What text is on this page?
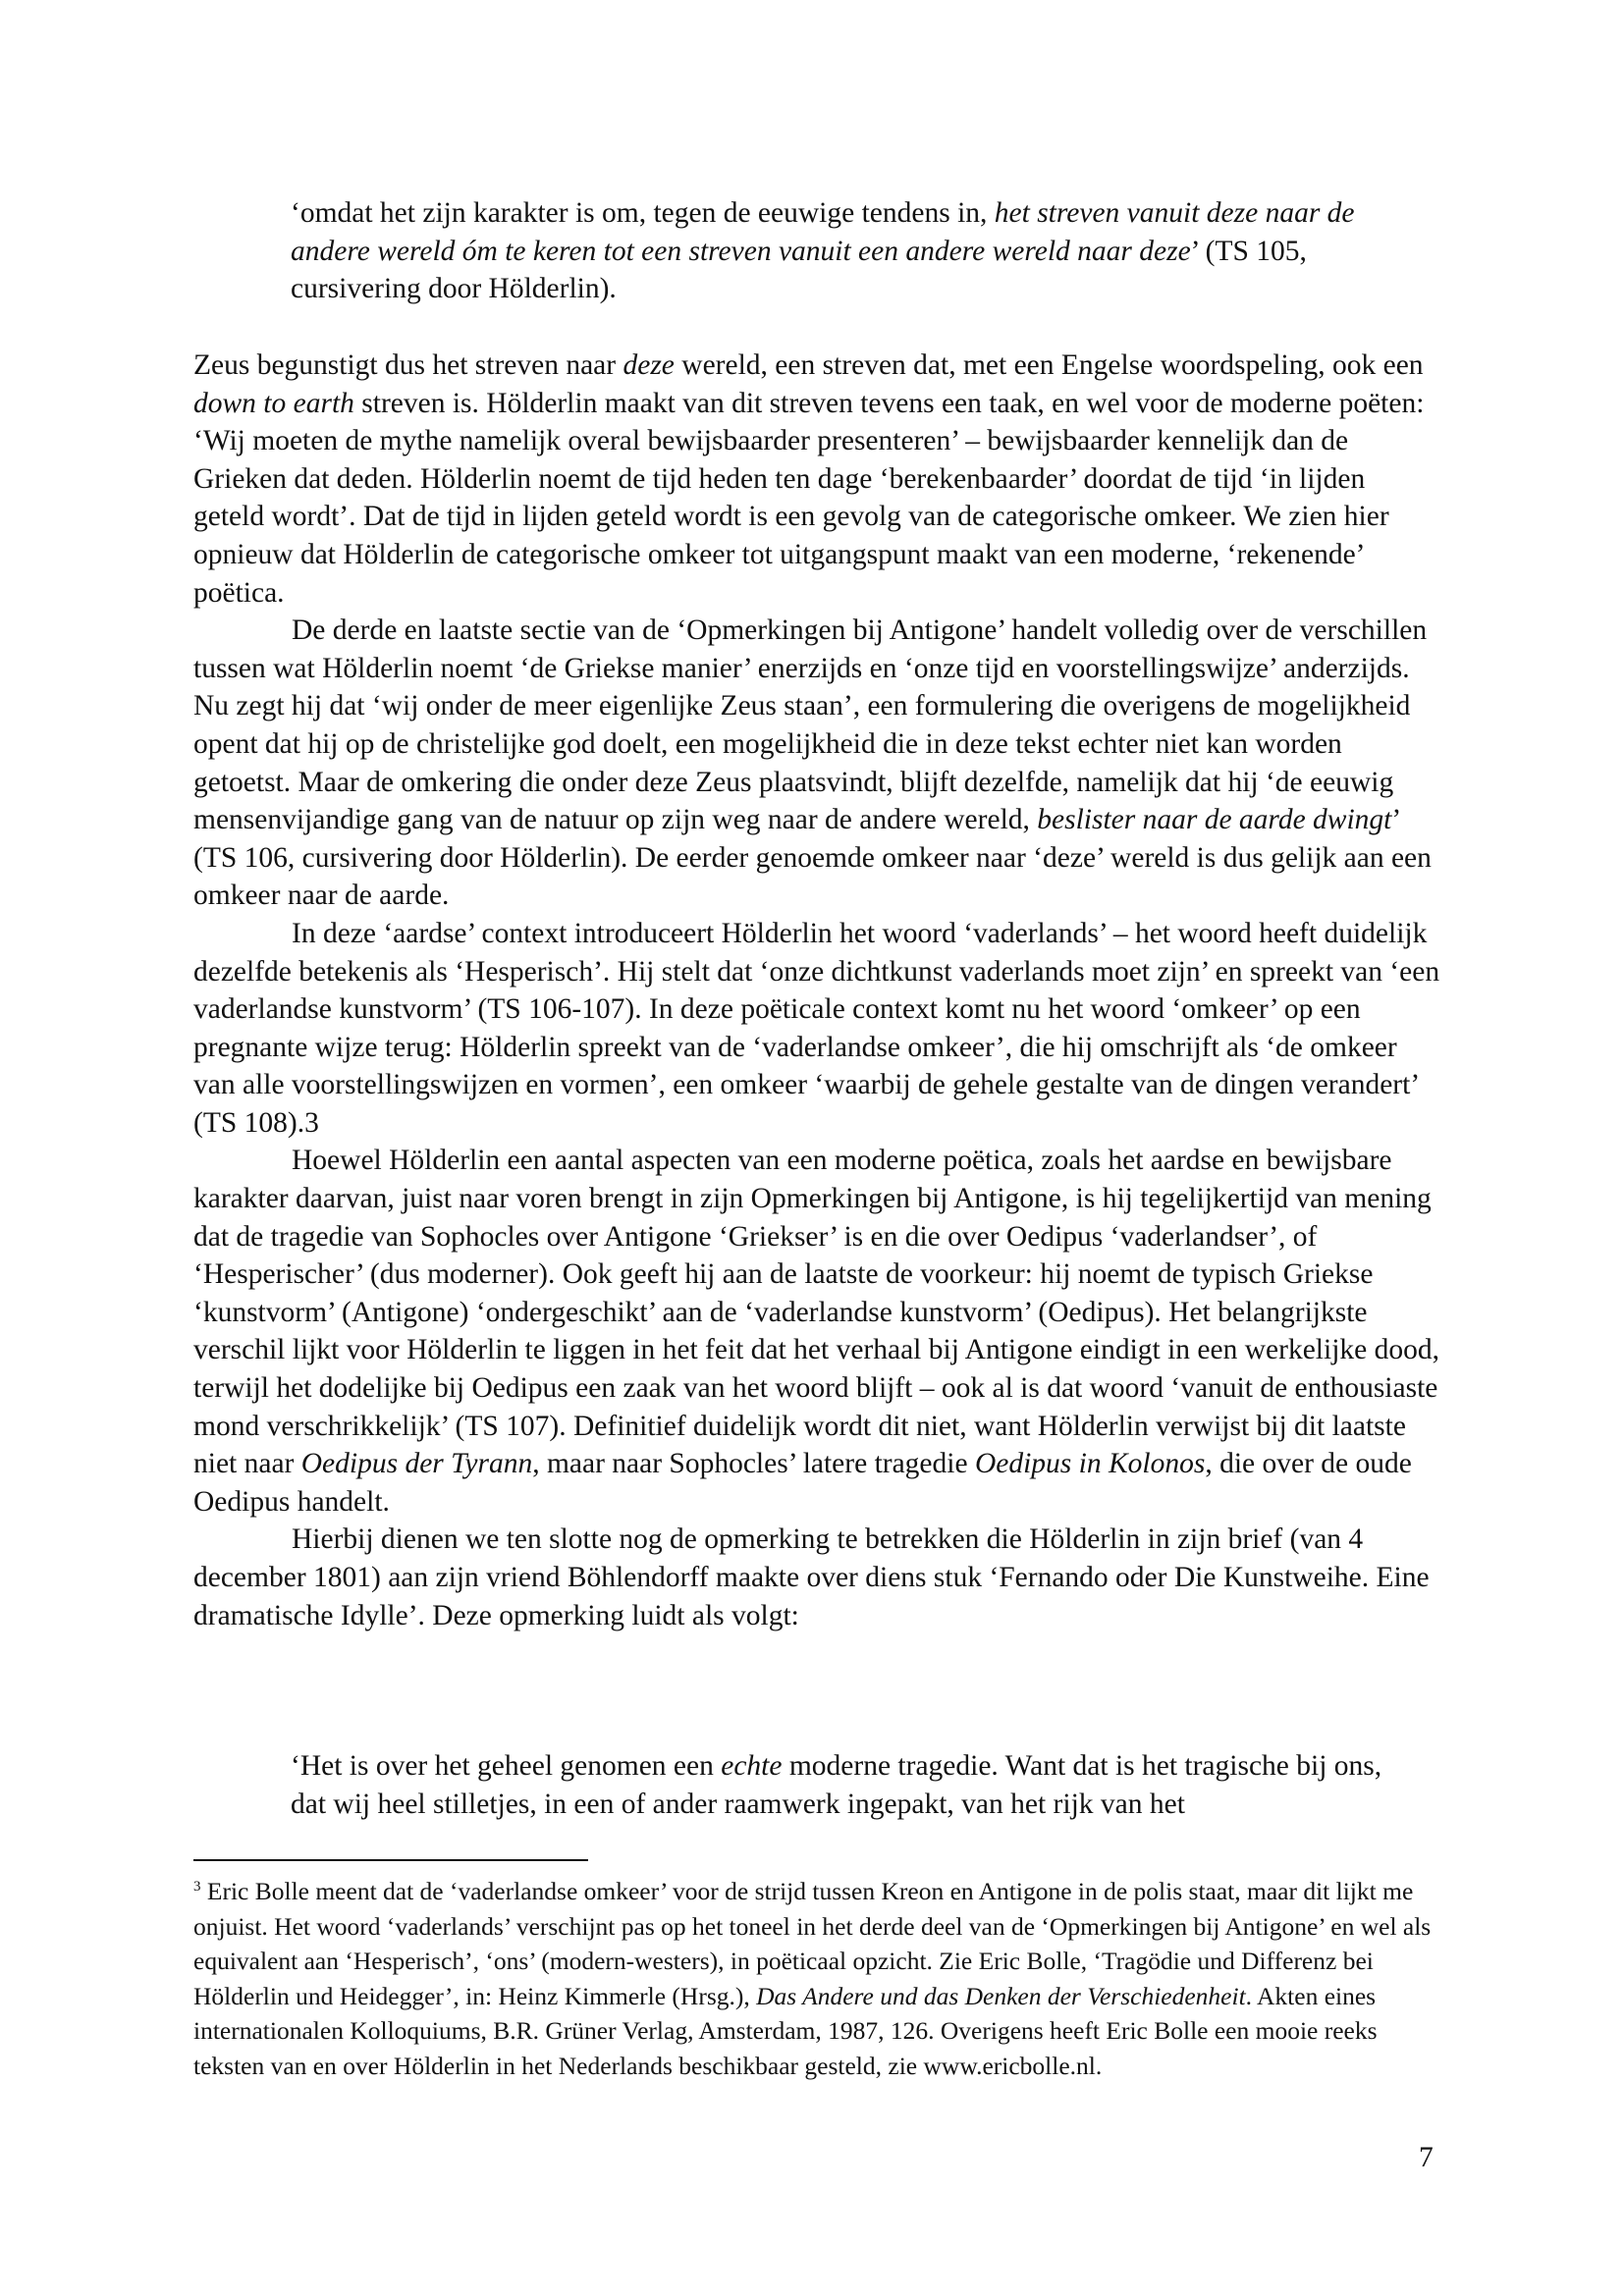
‘omdat het zijn karakter is om, tegen de eeuwige tendens in, het streven vanuit deze naar de andere wereld óm te keren tot een streven vanuit een andere wereld naar deze’ (TS 105, cursivering door Hölderlin).

Zeus begunstigt dus het streven naar deze wereld, een streven dat, met een Engelse woordspeling, ook een down to earth streven is. Hölderlin maakt van dit streven tevens een taak, en wel voor de moderne poëten: ‘Wij moeten de mythe namelijk overal bewijsbaarder presenteren’ – bewijsbaarder kennelijk dan de Grieken dat deden. Hölderlin noemt de tijd heden ten dage ‘berekenbaarder’ doordat de tijd ‘in lijden geteld wordt’. Dat de tijd in lijden geteld wordt is een gevolg van de categorische omkeer. We zien hier opnieuw dat Hölderlin de categorische omkeer tot uitgangspunt maakt van een moderne, ‘rekenende’ poëtica.

De derde en laatste sectie van de ‘Opmerkingen bij Antigone’ handelt volledig over de verschillen tussen wat Hölderlin noemt ‘de Griekse manier’ enerzijds en ‘onze tijd en voorstellingswijze’ anderzijds. Nu zegt hij dat ‘wij onder de meer eigenlijke Zeus staan’, een formulering die overigens de mogelijkheid opent dat hij op de christelijke god doelt, een mogelijkheid die in deze tekst echter niet kan worden getoetst. Maar de omkering die onder deze Zeus plaatsvindt, blijft dezelfde, namelijk dat hij ‘de eeuwig mensenvijandige gang van de natuur op zijn weg naar de andere wereld, beslister naar de aarde dwingt’ (TS 106, cursivering door Hölderlin). De eerder genoemde omkeer naar ‘deze’ wereld is dus gelijk aan een omkeer naar de aarde.

In deze ‘aardse’ context introduceert Hölderlin het woord ‘vaderlands’ – het woord heeft duidelijk dezelfde betekenis als ‘Hesperisch’. Hij stelt dat ‘onze dichtkunst vaderlands moet zijn’ en spreekt van ‘een vaderlandse kunstvorm’ (TS 106-107). In deze poëticale context komt nu het woord ‘omkeer’ op een pregnante wijze terug: Hölderlin spreekt van de ‘vaderlandse omkeer’, die hij omschrijft als ‘de omkeer van alle voorstellingswijzen en vormen’, een omkeer ‘waarbij de gehele gestalte van de dingen verandert’ (TS 108).3

Hoewel Hölderlin een aantal aspecten van een moderne poëtica, zoals het aardse en bewijsbare karakter daarvan, juist naar voren brengt in zijn Opmerkingen bij Antigone, is hij tegelijkertijd van mening dat de tragedie van Sophocles over Antigone ‘Griekser’ is en die over Oedipus ‘vaderlandser’, of ‘Hesperischer’ (dus moderner). Ook geeft hij aan de laatste de voorkeur: hij noemt de typisch Griekse ‘kunstvorm’ (Antigone) ‘ondergeschikt’ aan de ‘vaderlandse kunstvorm’ (Oedipus). Het belangrijkste verschil lijkt voor Hölderlin te liggen in het feit dat het verhaal bij Antigone eindigt in een werkelijke dood, terwijl het dodelijke bij Oedipus een zaak van het woord blijft – ook al is dat woord ‘vanuit de enthousiaste mond verschrikkelijk’ (TS 107). Definitief duidelijk wordt dit niet, want Hölderlin verwijst bij dit laatste niet naar Oedipus der Tyrann, maar naar Sophocles’ latere tragedie Oedipus in Kolonos, die over de oude Oedipus handelt.

Hierbij dienen we ten slotte nog de opmerking te betrekken die Hölderlin in zijn brief (van 4 december 1801) aan zijn vriend Böhlendorff maakte over diens stuk ‘Fernando oder Die Kunstweihe. Eine dramatische Idylle’. Deze opmerking luidt als volgt:

‘Het is over het geheel genomen een echte moderne tragedie. Want dat is het tragische bij ons, dat wij heel stilletjes, in een of ander raamwerk ingepakt, van het rijk van het

$^3$ Eric Bolle meent dat de ‘vaderlandse omkeer’ voor de strijd tussen Kreon en Antigone in de polis staat, maar dit lijkt me onjuist. Het woord ‘vaderlands’ verschijnt pas op het toneel in het derde deel van de ‘Opmerkingen bij Antigone’ en wel als equivalent aan ‘Hesperisch’, ‘ons’ (modern-westers), in poëticaal opzicht. Zie Eric Bolle, ‘Tragödie und Differenz bei Hölderlin und Heidegger’, in: Heinz Kimmerle (Hrsg.), Das Andere und das Denken der Verschiedenheit. Akten eines internationalen Kolloquiums, B.R. Grüner Verlag, Amsterdam, 1987, 126. Overigens heeft Eric Bolle een mooie reeks teksten van en over Hölderlin in het Nederlands beschikbaar gesteld, zie www.ericbolle.nl.

7
